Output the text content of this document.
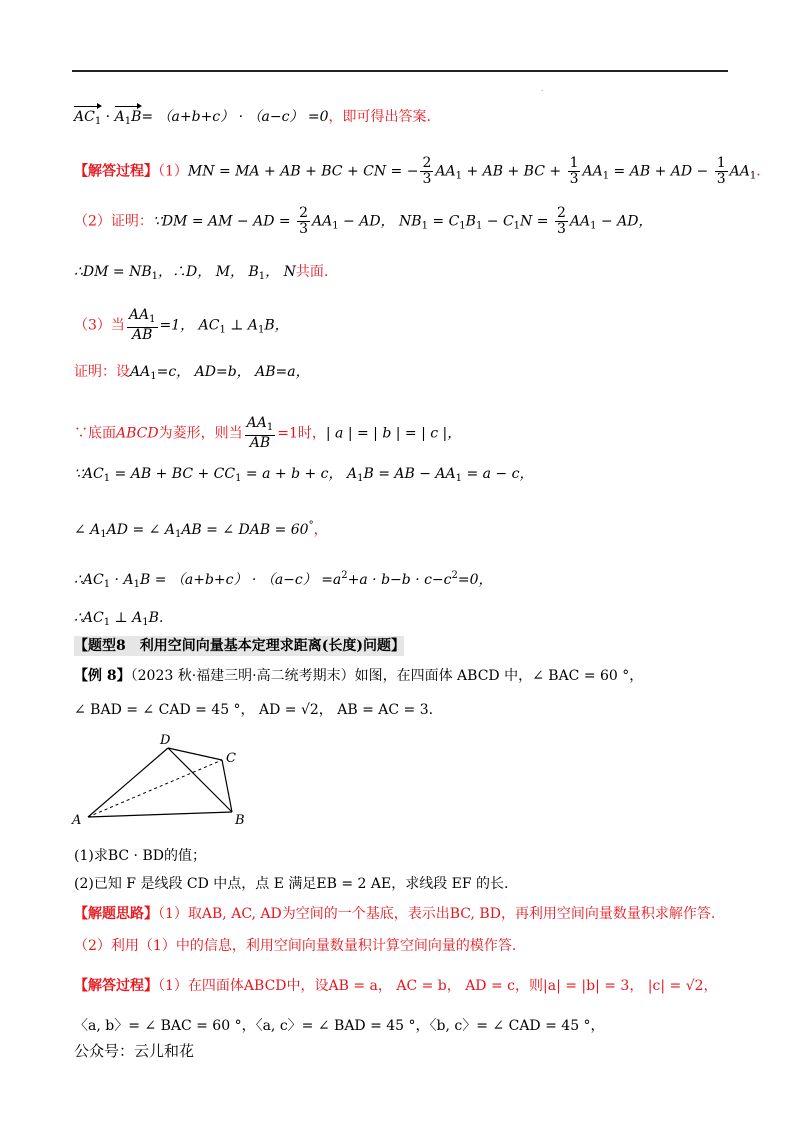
.
$AC_1 \cdot A_1B= (a+b+c) \cdot (a-c) =0$，即可得出答案.
【解答过程】（1）MN = MA + AB + BC + CN = − $\frac{2}{3} AA_1$ + AB + BC + $\frac{1}{3} AA_1$ = AB + AD − $\frac{1}{3} AA_1$.
（2）证明：∵DM = AM − AD = $\frac{2}{3} AA_1$ − AD， $NB_1 = C_1B_1 - C_1N = \frac{2}{3} AA_1$ − AD，
∴DM = $NB_1$，∴D， M， $B_1$， N共面.
（3）当 $\frac{AA_1}{AB} =1$， $AC_1$ ⊥ $A_1B$，
证明：设$AA_1=c$， AD=b， AB=a，
∵底面ABCD为菱形，则当 $\frac{AA_1}{AB} =1$时，| a | = | b | = | c |，
$\because AC_1$ = AB + BC + $CC_1 = a + b + c$， $A_1B$ = AB − $AA_1 = a - c$，
∠ $A_1AD$ = ∠ $A_1AB$ = ∠ DAB = 60°，
$\therefore AC_1 \cdot A_1B = (a+b+c) \cdot (a-c) =a^2+a \cdot b-b \cdot c-c^2=0$，
$\therefore AC_1$ ⊥ $A_1B$.
【题型8　利用空间向量基本定理求距离(长度)问题】
【例 8】（2023 秋·福建三明·高二统考期末）如图，在四面体 ABCD 中，∠ BAC = 60 °，
∠ BAD = ∠ CAD = 45 °， AD = √2， AB = AC = 3.
A	B
C
D
(1)求BC · BD的值；
(2)已知 F 是线段 CD 中点，点 E 满足EB = 2 AE，求线段 EF 的长.
【解题思路】（1）取AB, AC, AD为空间的一个基底，表示出BC, BD，再利用空间向量数量积求解作答.
（2）利用（1）中的信息，利用空间向量数量积计算空间向量的模作答.
【解答过程】（1）在四面体ABCD中，设AB = a， AC = b， AD = c，则|a| = |b| = 3， |c| = √2，
〈a, b〉= ∠ BAC = 60 °，〈a, c〉= ∠ BAD = 45 °，〈b, c〉= ∠ CAD = 45 °，
公众号：云儿和花
